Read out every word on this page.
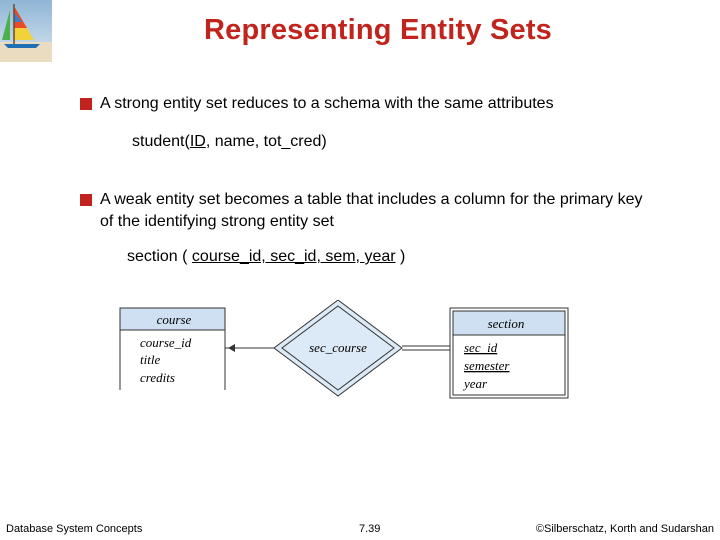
Representing Entity Sets
A strong entity set reduces to a schema with the same attributes
student(ID, name, tot_cred)
A weak entity set becomes a table that includes a column for the primary key of the identifying strong entity set
section ( course_id, sec_id, sem, year )
course
course_id
title
credits
sec_course
section
sec_id
semester
year
Database System Concepts	7.39	©Silberschatz, Korth and Sudarshan
